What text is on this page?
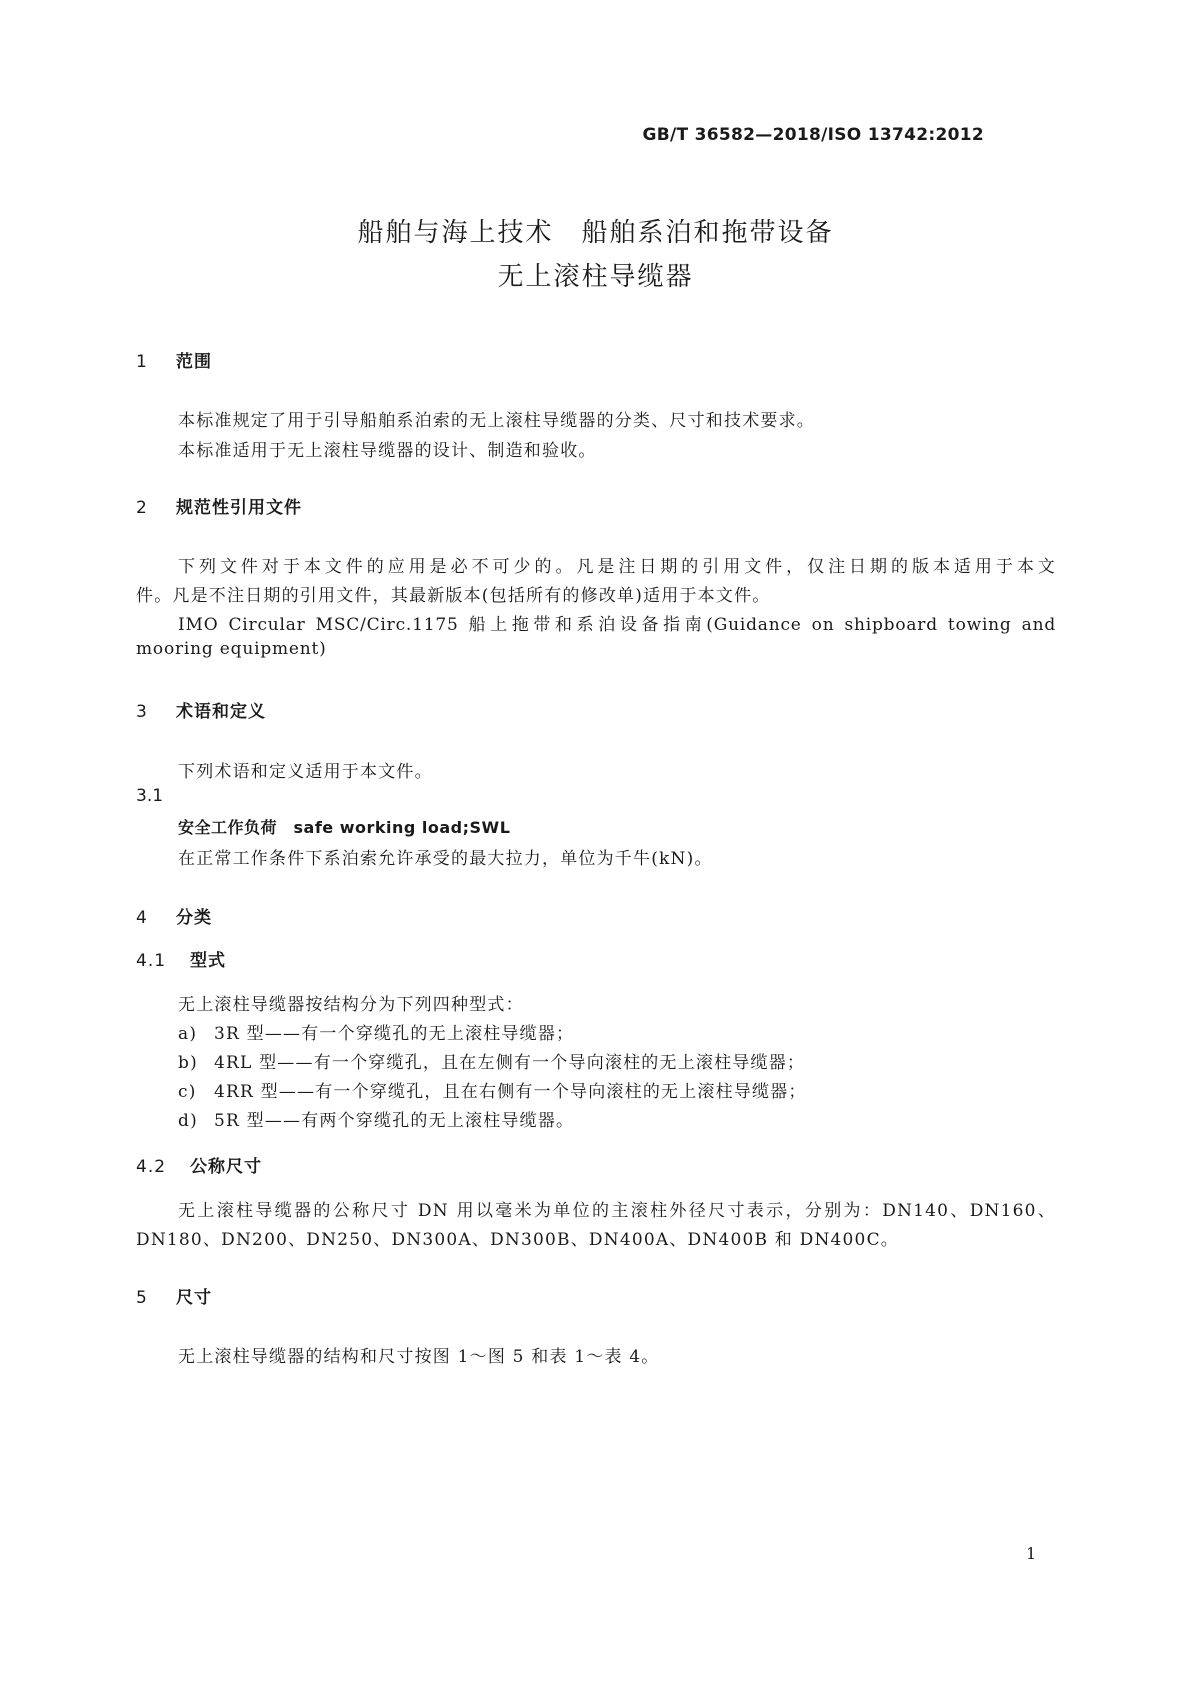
GB/T 36582—2018/ISO 13742:2012
船舶与海上技术　船舶系泊和拖带设备
无上滚柱导缆器
1 范围
本标准规定了用于引导船舶系泊索的无上滚柱导缆器的分类、尺寸和技术要求。
本标准适用于无上滚柱导缆器的设计、制造和验收。
2 规范性引用文件
下列文件对于本文件的应用是必不可少的。凡是注日期的引用文件，仅注日期的版本适用于本文
件。凡是不注日期的引用文件，其最新版本(包括所有的修改单)适用于本文件。
IMO Circular MSC/Circ.1175 船上拖带和系泊设备指南(Guidance on shipboard towing and
mooring equipment)
3 术语和定义
下列术语和定义适用于本文件。
3.1
安全工作负荷　safe working load;SWL
在正常工作条件下系泊索允许承受的最大拉力，单位为千牛(kN)。
4 分类
4.1 型式
无上滚柱导缆器按结构分为下列四种型式：
a) 3R 型——有一个穿缆孔的无上滚柱导缆器；
b) 4RL 型——有一个穿缆孔，且在左侧有一个导向滚柱的无上滚柱导缆器；
c) 4RR 型——有一个穿缆孔，且在右侧有一个导向滚柱的无上滚柱导缆器；
d) 5R 型——有两个穿缆孔的无上滚柱导缆器。
4.2 公称尺寸
无上滚柱导缆器的公称尺寸 DN 用以毫米为单位的主滚柱外径尺寸表示，分别为：DN140、DN160、
DN180、DN200、DN250、DN300A、DN300B、DN400A、DN400B 和 DN400C。
5 尺寸
无上滚柱导缆器的结构和尺寸按图 1～图 5 和表 1～表 4。
1
